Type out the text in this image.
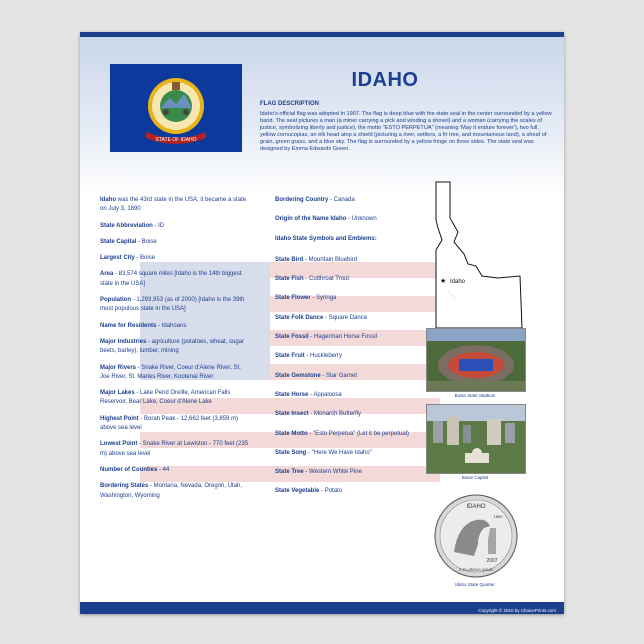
STATE OF IDAHO
IDAHO
FLAG DESCRIPTION
Idaho's official flag was adopted in 1907. The flag is deep blue with the state seal in the center surrounded by a yellow band. The seal pictures a man (a miner carrying a pick and winding a shovel) and a woman (carrying the scales of justice, symbolizing liberty and justice), the motto "ESTO PERPETUA" (meaning 'May it endure forever'), two full, yellow cornucopias, an elk head atop a shield (picturing a river, settlers, a fir tree, and mountainous land), a sheaf of grain, green grass, and a blue sky. The flag is surrounded by a yellow fringe on three sides. The state seal was designed by Emma Edwards Green.

Idaho was the 43rd state in the USA; it became a state on July 3, 1890

State Abbreviation - ID

State Capital - Boise

Largest City - Boise

Area - 83,574 square miles [Idaho is the 14th biggest state in the USA]

Population - 1,293,953 (as of 2000) [Idaho is the 39th most populous state in the USA]

Name for Residents - Idahoans

Major Industries - agriculture (potatoes, wheat, sugar beets, barley), lumber, mining

Major Rivers - Snake River, Coeur d'Alene River, St. Joe River, St. Maries River, Kootenai River

Major Lakes - Lake Pend Oreille, American Falls Reservoir, Bear Lake, Coeur d'Alene Lake

Highest Point - Borah Peak - 12,662 feet (3,859 m) above sea level

Lowest Point - Snake River at Lewiston - 770 feet (235 m) above sea level

Number of Counties - 44

Bordering States - Montana, Nevada, Oregon, Utah, Washington, Wyoming

Bordering Country - Canada

Origin of the Name Idaho - Unknown

Idaho State Symbols and Emblems:

State Bird - Mountain Bluebird

State Fish - Cutthroat Trout

State Flower - Syringa

State Folk Dance - Square Dance

State Fossil - Hagerman Horse Fossil

State Fruit - Huckleberry

State Gemstone - Star Garnet

State Horse - Appaloosa

State Insect - Monarch Butterfly

State Motto - "Esto Perpetua" (Let it be perpetual)

State Song - "Here We Have Idaho"

State Tree - Western White Pine

State Vegetable - Potato

★ Idaho
Boise State Stadium
Boise Capitol
IDAHO
1890
2007
E PLURIBUS UNUM
Idaho State Quarter
Copyright © 2010 by ChoicePrints.com
